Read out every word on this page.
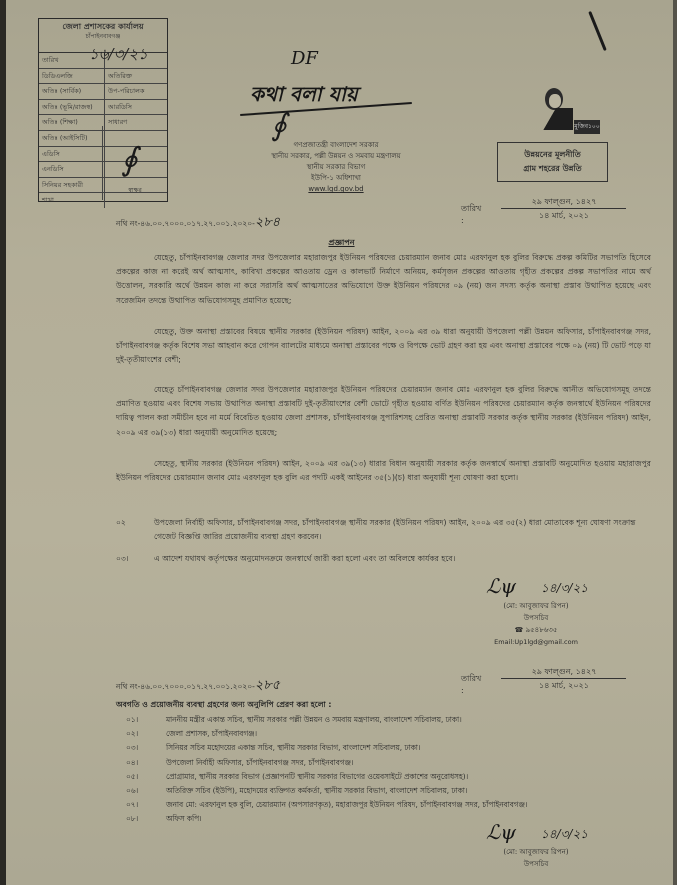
জেলা প্রশাসকের কার্যালয়
চাঁপাইনবাবগঞ্জ
১৬/৩/২১
তারিখ
ডিডিএলজি	অতিরিক্ত
অতিঃ (সার্বিক)	উপ-পরিচালক
অতিঃ (ভূমি/রাজস্ব)	আরডিসি
অতিঃ (শিক্ষা)	সাধারণ
অতিঃ (আইসিটি)
এডিসি
এনডিসি
সিনিয়র সহকারী
শাখা
∮
স্বাক্ষর
DF
কথা বলা যায়
∮
গণপ্রজাতন্ত্রী বাংলাদেশ সরকার
স্থানীয় সরকার, পল্লী উন্নয়ন ও সমবায় মন্ত্রণালয়
স্থানীয় সরকার বিভাগ
ইউপি-১ অধিশাখা
www.lgd.gov.bd
মুজিব১০০
উন্নয়নের মূলনীতি
গ্রাম শহরের উন্নতি
নথি নং-৪৬.০০.৭০০০.০১৭.২৭.০০১.২০২০-২৮৪
তারিখ :
২৯ ফাল্গুন, ১৪২৭
১৪ মার্চ, ২০২১
প্রজ্ঞাপন
যেহেতু, চাঁপাইনবাবগঞ্জ জেলার সদর উপজেলার মহারাজপুর ইউনিয়ন পরিষদের চেয়ারম্যান জনাব মোঃ এরফানুল হক বুলির বিরুদ্ধে প্রকল্প কমিটির সভাপতি হিসেবে প্রকল্পের কাজ না করেই অর্থ আত্মসাৎ, কাবিখা প্রকল্পের আওতায় ড্রেন ও কালভার্ট নির্মাণে অনিয়ম, কর্মসৃজন প্রকল্পের আওতায় গৃহীত প্রকল্পের প্রকল্প সভাপতির নামে অর্থ উত্তোলন, সরকারি অর্থে উন্নয়ন কাজ না করে সরাসরি অর্থ আত্মসাতের অভিযোগে উক্ত ইউনিয়ন পরিষদের ০৯ (নয়) জন সদস্য কর্তৃক অনাস্থা প্রস্তাব উত্থাপিত হয়েছে এবং সরেজমিন তদন্তে উত্থাপিত অভিযোগসমূহ প্রমাণিত হয়েছে;
যেহেতু, উক্ত অনাস্থা প্রস্তাবের বিষয়ে স্থানীয় সরকার (ইউনিয়ন পরিষদ) আইন, ২০০৯ এর ৩৯ ধারা অনুযায়ী উপজেলা পল্লী উন্নয়ন অফিসার, চাঁপাইনবাবগঞ্জ সদর, চাঁপাইনবাবগঞ্জ কর্তৃক বিশেষ সভা আহবান করে গোপন ব্যালটের মাধ্যমে অনাস্থা প্রস্তাবের পক্ষে ও বিপক্ষে ভোট গ্রহণ করা হয় এবং অনাস্থা প্রস্তাবের পক্ষে ০৯ (নয়) টি ভোট পড়ে যা দুই-তৃতীয়াংশের বেশী;
যেহেতু চাঁপাইনবাবগঞ্জ জেলার সদর উপজেলার মহারাজপুর ইউনিয়ন পরিষদের চেয়ারম্যান জনাব মোঃ এরফানুল হক বুলির বিরুদ্ধে আনীত অভিযোগসমূহ তদন্তে প্রমাণিত হওয়ায় এবং বিশেষ সভায় উত্থাপিত অনাস্থা প্রস্তাবটি দুই-তৃতীয়াংশের বেশী ভোটে গৃহীত হওয়ায় বর্ণিত ইউনিয়ন পরিষদের চেয়ারম্যান কর্তৃক জনস্বার্থে ইউনিয়ন পরিষদের দায়িত্ব পালন করা সমীচীন হবে না মর্মে বিবেচিত হওয়ায় জেলা প্রশাসক, চাঁপাইনবাবগঞ্জ সুপারিশসহ প্রেরিত অনাস্থা প্রস্তাবটি সরকার কর্তৃক স্থানীয় সরকার (ইউনিয়ন পরিষদ) আইন, ২০০৯ এর ৩৯(১৩) ধারা অনুযায়ী অনুমোদিত হয়েছে;
সেহেতু, স্থানীয় সরকার (ইউনিয়ন পরিষদ) আইন, ২০০৯ এর ৩৯(১৩) ধারার বিধান অনুযায়ী সরকার কর্তৃক জনস্বার্থে অনাস্থা প্রস্তাবটি অনুমোদিত হওয়ায় মহারাজপুর ইউনিয়ন পরিষদের চেয়ারম্যান জনাব মোঃ এরফানুল হক বুলি এর পদটি একই আইনের ৩৫(১)(চ) ধারা অনুযায়ী শূন্য ঘোষণা করা হলো।
০২	উপজেলা নির্বাহী অফিসার, চাঁপাইনবাবগঞ্জ সদর, চাঁপাইনবাবগঞ্জ স্থানীয় সরকার (ইউনিয়ন পরিষদ) আইন, ২০০৯ এর ৩৫(২) ধারা মোতাবেক শূন্য ঘোষণা সংক্রান্ত গেজেট বিজ্ঞপ্তি জারির প্রয়োজনীয় ব্যবস্থা গ্রহণ করবেন।
০৩।	এ আদেশ যথাযথ কর্তৃপক্ষের অনুমোদনক্রমে জনস্বার্থে জারী করা হলো এবং তা অবিলম্বে কার্যকর হবে।
ℒψ ১৪/৩/২১
(মো: আবুজাফর রিপন)
উপসচিব
☎ ৯৫৪৮৬৩৫
Email:Up1lgd@gmail.com
নথি নং-৪৬.০০.৭০০০.০১৭.২৭.০০১.২০২০-২৮৫	তারিখ :
২৯ ফাল্গুন, ১৪২৭
১৪ মার্চ, ২০২১
অবগতি ও প্রয়োজনীয় ব্যবস্থা গ্রহণের জন্য অনুলিপি প্রেরণ করা হলো :
০১।	মাননীয় মন্ত্রীর একান্ত সচিব, স্থানীয় সরকার পল্লী উন্নয়ন ও সমবায় মন্ত্রণালয়, বাংলাদেশ সচিবালয়, ঢাকা।
০২।	জেলা প্রশাসক, চাঁপাইনবাবগঞ্জ।
০৩।	সিনিয়র সচিব মহোদয়ের একান্ত সচিব, স্থানীয় সরকার বিভাগ, বাংলাদেশ সচিবালয়, ঢাকা।
০৪।	উপজেলা নির্বাহী অফিসার, চাঁপাইনবাবগঞ্জ সদর, চাঁপাইনবাবগঞ্জ।
০৫।	প্রোগ্রামার, স্থানীয় সরকার বিভাগ (প্রজ্ঞাপনটি স্থানীয় সরকার বিভাগের ওয়েবসাইটে প্রকাশের অনুরোধসহ)।
০৬।	অতিরিক্ত সচিব (ইউপি), মহোদয়ের ব্যক্তিগত কর্মকর্তা, স্থানীয় সরকার বিভাগ, বাংলাদেশ সচিবালয়, ঢাকা।
০৭।	জনাব মো: এরফানুল হক বুলি, চেয়ারম্যান (অপসারণকৃত), মহারাজপুর ইউনিয়ন পরিষদ, চাঁপাইনবাবগঞ্জ সদর, চাঁপাইনবাবগঞ্জ।
০৮।	অফিস কপি।
ℒψ ১৪/৩/২১
(মো: আবুজাফর রিপন)
উপসচিব
